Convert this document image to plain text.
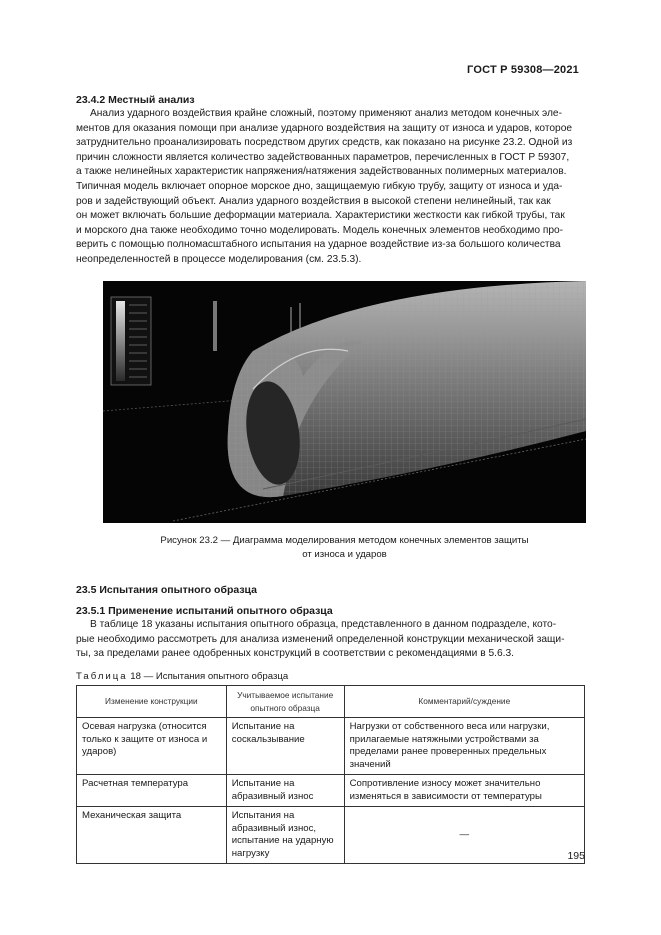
ГОСТ Р 59308—2021
23.4.2 Местный анализ
Анализ ударного воздействия крайне сложный, поэтому применяют анализ методом конечных эле-
ментов для оказания помощи при анализе ударного воздействия на защиту от износа и ударов, которое
затруднительно проанализировать посредством других средств, как показано на рисунке 23.2. Одной из
причин сложности является количество задействованных параметров, перечисленных в ГОСТ Р 59307,
а также нелинейных характеристик напряжения/натяжения задействованных полимерных материалов.
Типичная модель включает опорное морское дно, защищаемую гибкую трубу, защиту от износа и уда-
ров и задействующий объект. Анализ ударного воздействия в высокой степени нелинейный, так как
он может включать большие деформации материала. Характеристики жесткости как гибкой трубы, так
и морского дна также необходимо точно моделировать. Модель конечных элементов необходимо про-
верить с помощью полномасштабного испытания на ударное воздействие из-за большого количества
неопределенностей в процессе моделирования (см. 23.5.3).
Рисунок 23.2 — Диаграмма моделирования методом конечных элементов защиты
от износа и ударов
23.5 Испытания опытного образца
23.5.1 Применение испытаний опытного образца
В таблице 18 указаны испытания опытного образца, представленного в данном подразделе, кото-
рые необходимо рассмотреть для анализа изменений определенной конструкции механической защи-
ты, за пределами ранее одобренных конструкций в соответствии с рекомендациями в 5.6.3.
Таблица 18 — Испытания опытного образца
Изменение конструкции	Учитываемое испытание опытного образца	Комментарий/суждение
Осевая нагрузка (относится только к защите от износа и ударов)	Испытание на соскальзывание	Нагрузки от собственного веса или нагрузки, прилагаемые натяжными устройствами за пределами ранее проверенных предельных значений
Расчетная температура	Испытание на абразивный износ	Сопротивление износу может значительно изменяться в зависимости от температуры
Механическая защита	Испытания на абразивный износ, испытание на ударную нагрузку	—
195
